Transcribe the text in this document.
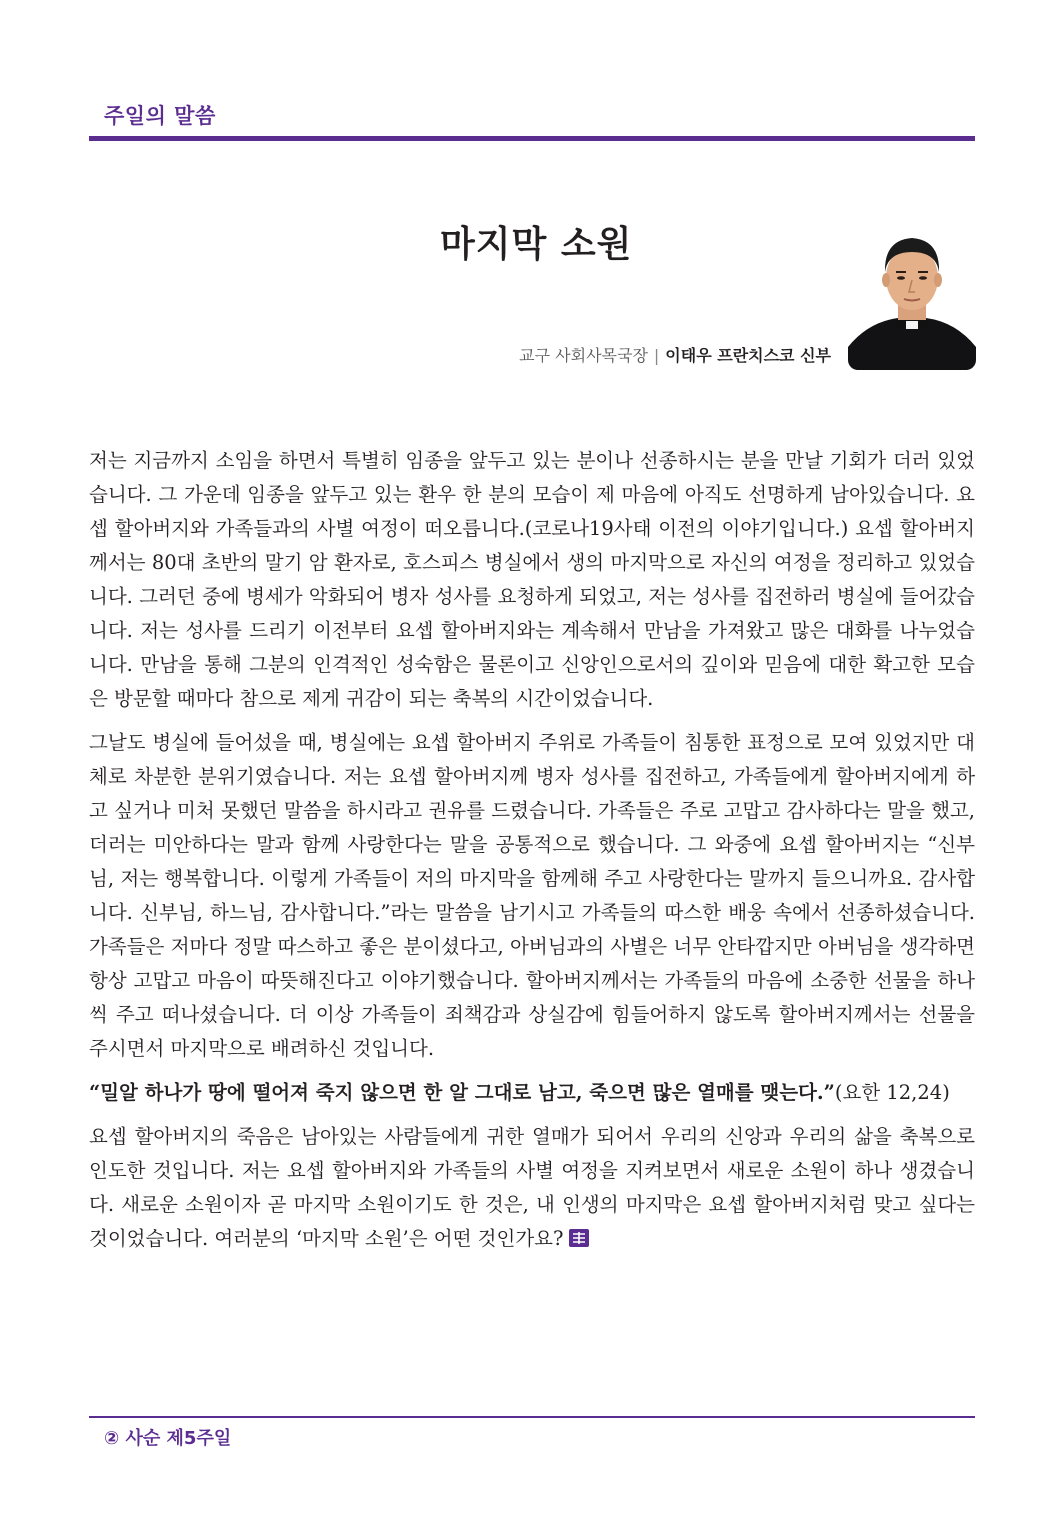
주일의 말씀
마지막 소원
교구 사회사목국장 | 이태우 프란치스코 신부

저는 지금까지 소임을 하면서 특별히 임종을 앞두고 있는 분이나 선종하시는 분을 만날 기회가 더러 있었습니다. 그 가운데 임종을 앞두고 있는 환우 한 분의 모습이 제 마음에 아직도 선명하게 남아있습니다. 요셉 할아버지와 가족들과의 사별 여정이 떠오릅니다.(코로나19사태 이전의 이야기입니다.) 요셉 할아버지께서는 80대 초반의 말기 암 환자로, 호스피스 병실에서 생의 마지막으로 자신의 여정을 정리하고 있었습니다. 그러던 중에 병세가 악화되어 병자 성사를 요청하게 되었고, 저는 성사를 집전하러 병실에 들어갔습니다. 저는 성사를 드리기 이전부터 요셉 할아버지와는 계속해서 만남을 가져왔고 많은 대화를 나누었습니다. 만남을 통해 그분의 인격적인 성숙함은 물론이고 신앙인으로서의 깊이와 믿음에 대한 확고한 모습은 방문할 때마다 참으로 제게 귀감이 되는 축복의 시간이었습니다.

그날도 병실에 들어섰을 때, 병실에는 요셉 할아버지 주위로 가족들이 침통한 표정으로 모여 있었지만 대체로 차분한 분위기였습니다. 저는 요셉 할아버지께 병자 성사를 집전하고, 가족들에게 할아버지에게 하고 싶거나 미처 못했던 말씀을 하시라고 권유를 드렸습니다. 가족들은 주로 고맙고 감사하다는 말을 했고, 더러는 미안하다는 말과 함께 사랑한다는 말을 공통적으로 했습니다. 그 와중에 요셉 할아버지는 “신부님, 저는 행복합니다. 이렇게 가족들이 저의 마지막을 함께해 주고 사랑한다는 말까지 들으니까요. 감사합니다. 신부님, 하느님, 감사합니다.”라는 말씀을 남기시고 가족들의 따스한 배웅 속에서 선종하셨습니다. 가족들은 저마다 정말 따스하고 좋은 분이셨다고, 아버님과의 사별은 너무 안타깝지만 아버님을 생각하면 항상 고맙고 마음이 따뜻해진다고 이야기했습니다. 할아버지께서는 가족들의 마음에 소중한 선물을 하나씩 주고 떠나셨습니다. 더 이상 가족들이 죄책감과 상실감에 힘들어하지 않도록 할아버지께서는 선물을 주시면서 마지막으로 배려하신 것입니다.

“밀알 하나가 땅에 떨어져 죽지 않으면 한 알 그대로 남고, 죽으면 많은 열매를 맺는다.”(요한 12,24)

요셉 할아버지의 죽음은 남아있는 사람들에게 귀한 열매가 되어서 우리의 신앙과 우리의 삶을 축복으로 인도한 것입니다. 저는 요셉 할아버지와 가족들의 사별 여정을 지켜보면서 새로운 소원이 하나 생겼습니다. 새로운 소원이자 곧 마지막 소원이기도 한 것은, 내 인생의 마지막은 요셉 할아버지처럼 맞고 싶다는 것이었습니다. 여러분의 ‘마지막 소원’은 어떤 것인가요?

② 사순 제5주일
